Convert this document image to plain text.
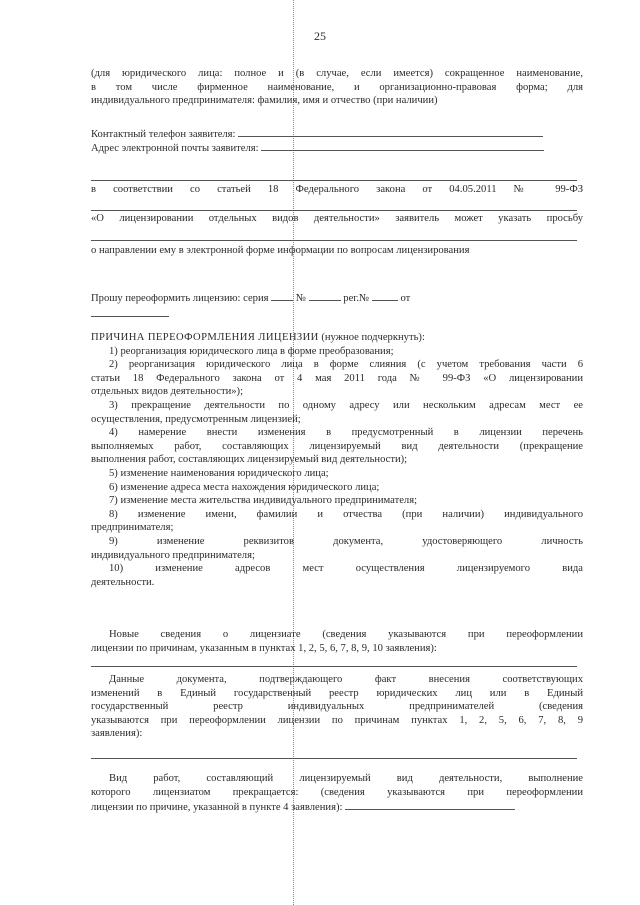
25

(для юридического лица: полное и (в случае, если имеется) сокращенное наименование,

в том числе фирменное наименование, и организационно-правовая форма; для

индивидуального предпринимателя: фамилия, имя и отчество (при наличии)

Контактный телефон заявителя:
Адрес электронной почты заявителя:

в соответствии со статьей 18 Федерального закона от 04.05.2011 № 99-ФЗ

«О лицензировании отдельных видов деятельности» заявитель может указать просьбу

о направлении ему в электронной форме информации по вопросам лицензирования

Прошу переоформить лицензию: серия	№	рег.№	от

ПРИЧИНА ПЕРЕОФОРМЛЕНИЯ ЛИЦЕНЗИИ (нужное подчеркнуть):

1) реорганизация юридического лица в форме преобразования;

2) реорганизация юридического лица в форме слияния (с учетом требования части 6

статьи 18 Федерального закона от 4 мая 2011 года № 99-ФЗ «О лицензировании

отдельных видов деятельности»);

3) прекращение деятельности по одному адресу или нескольким адресам мест ее

осуществления, предусмотренным лицензией;

4) намерение внести изменения в предусмотренный в лицензии перечень

выполняемых работ, составляющих лицензируемый вид деятельности (прекращение

выполнения работ, составляющих лицензируемый вид деятельности);

5) изменение наименования юридического лица;

6) изменение адреса места нахождения юридического лица;

7) изменение места жительства индивидуального предпринимателя;

8) изменение имени, фамилии и отчества (при наличии) индивидуального

предпринимателя;

9) изменение реквизитов документа, удостоверяющего личность

индивидуального предпринимателя;

10) изменение адресов мест осуществления лицензируемого вида

деятельности.

Новые сведения о лицензиате (сведения указываются при переоформлении

лицензии по причинам, указанным в пунктах 1, 2, 5, 6, 7, 8, 9, 10 заявления):

Данные документа, подтверждающего факт внесения соответствующих

изменений в Единый государственный реестр юридических лиц или в Единый

государственный реестр индивидуальных предпринимателей (сведения

указываются при переоформлении лицензии по причинам пунктах 1, 2, 5, 6, 7, 8, 9

заявления):

Вид работ, составляющий лицензируемый вид деятельности, выполнение

которого лицензиатом прекращается: (сведения указываются при переоформлении

лицензии по причине, указанной в пункте 4 заявления):
